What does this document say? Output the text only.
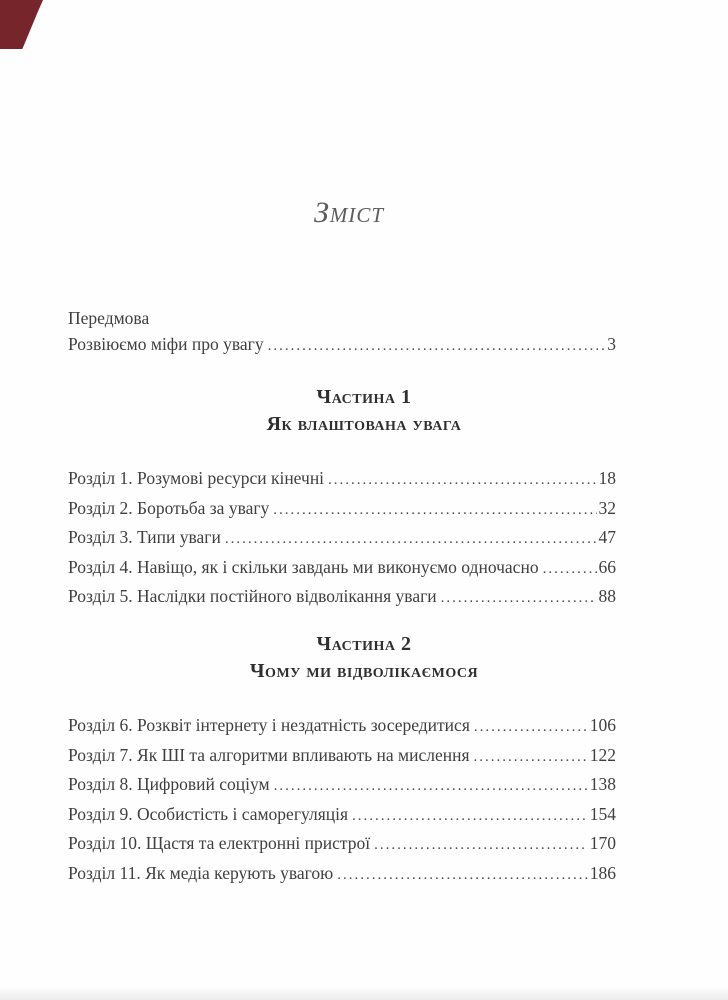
Зміст
Передмова
Розвіюємо міфи про увагу .....	3
Частина 1
Як влаштована увага
Розділ 1. Розумові ресурси кінечні .....	18
Розділ 2. Боротьба за увагу .....	32
Розділ 3. Типи уваги .....	47
Розділ 4. Навіщо, як і скільки завдань ми виконуємо одночасно .....	66
Розділ 5. Наслідки постійного відволікання уваги .....	88
Частина 2
Чому ми відволікаємося
Розділ 6. Розквіт інтернету і нездатність зосередитися .....	106
Розділ 7. Як ШІ та алгоритми впливають на мислення .....	122
Розділ 8. Цифровий соціум .....	138
Розділ 9. Особистість і саморегуляція .....	154
Розділ 10. Щастя та електронні пристрої .....	170
Розділ 11. Як медіа керують увагою .....	186
